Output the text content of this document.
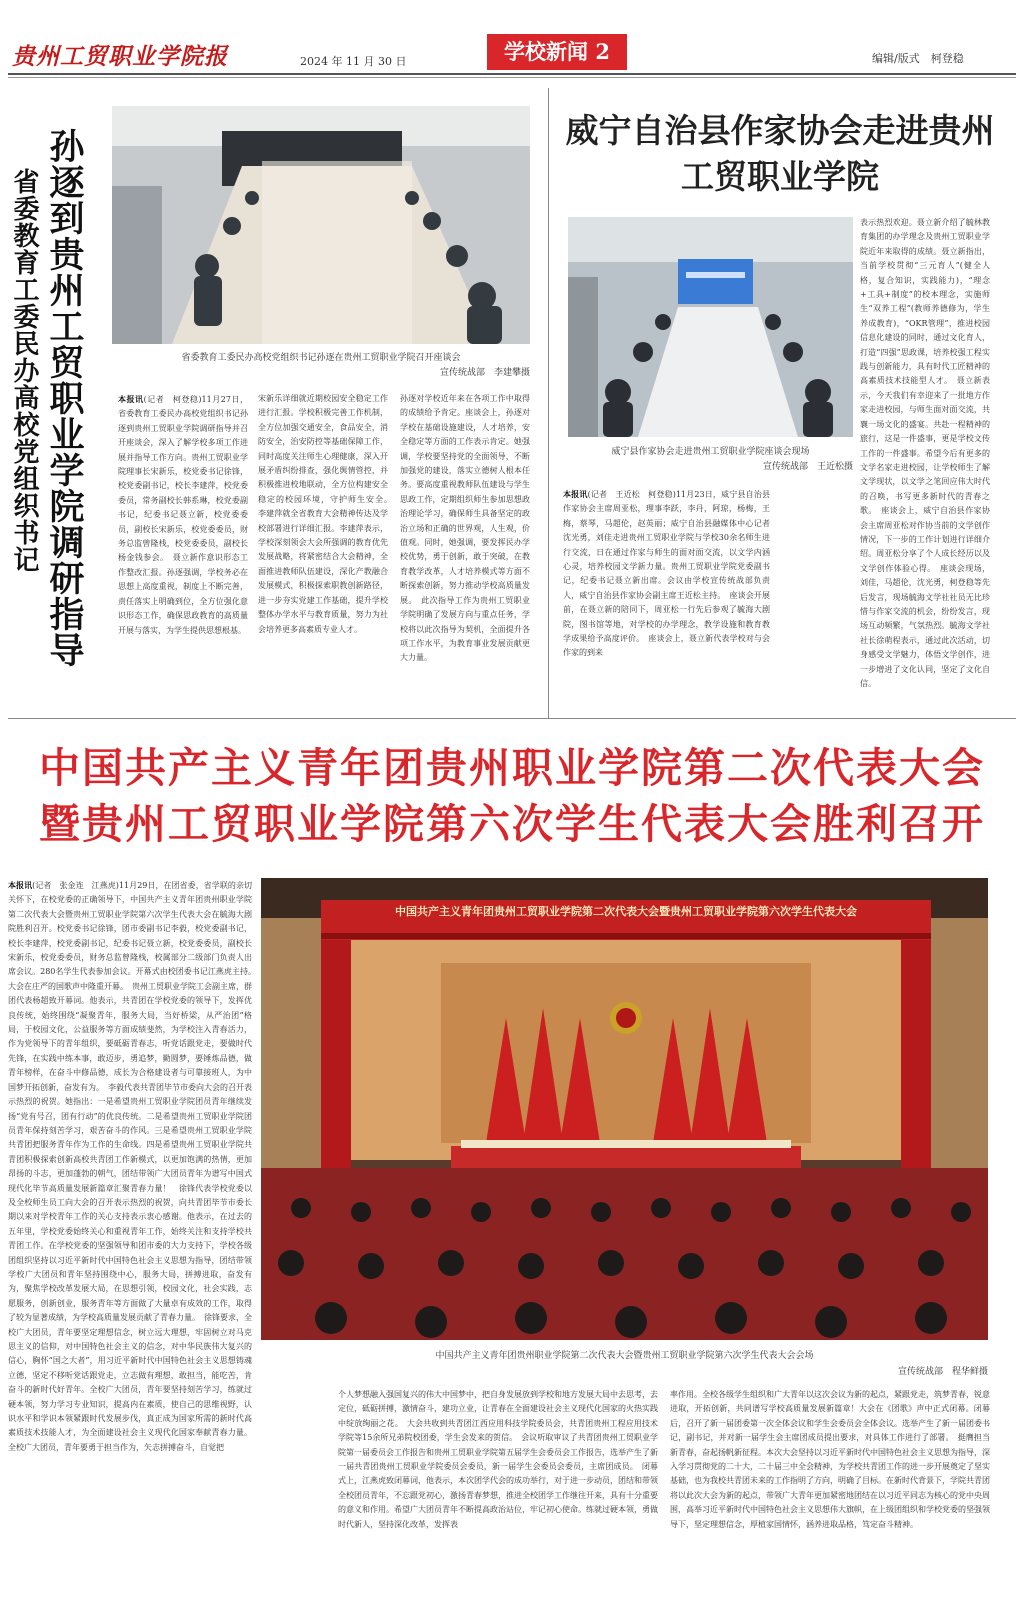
贵州工贸职业学院报	2024 年 11 月 30 日	学校新闻 2	编辑/版式　柯登稳
孙逐到贵州工贸职业学院调研指导
省委教育工委民办高校党组织书记	省委教育工委民办高校党组织书记孙逐在贵州工贸职业学院召开座谈会
宣传统战部　李建攀摄
本报讯(记者　柯登稳)11月27日，省委教育工委民办高校党组织书记孙逐到贵州工贸职业学院调研指导并召开座谈会，深入了解学校多项工作进展并指导工作方向。贵州工贸职业学院理事长宋新乐，校党委书记徐锋，校党委副书记，校长李建萍，校党委委员，常务副校长韩系琳，校党委副书记，纪委书记聂立新，校党委委员，副校长宋新乐，校党委委员，财务总监曾隆栈，校党委委员，副校长杨金钱参会。　聂立新作意识形态工作整改汇报。孙逐强调，学校务必在思想上高度重视，制度上不断完善，责任落实上明确到位，全方位强化意识形态工作，确保思政教育的高质量开展与落实，为学生提供思想根基。
宋新乐详细就近期校园安全稳定工作进行汇报。学校积极完善工作机制，全方位加强交通安全，食品安全，消防安全，治安防控等基础保障工作，同时高度关注师生心理健康，深入开展矛盾纠纷排查，强化舆情管控，并积极推进校地联动，全方位构建安全稳定的校园环境，守护师生安全。　李建萍就全省教育大会精神传达及学校部署进行详细汇报。李建萍表示，学校深刻领会大会所强调的教育优先发展战略，将紧密结合大会精神，全面推进教师队伍建设，深化产教融合发展模式，积极探索职教创新路径，进一步夯实党建工作基础，提升学校整体办学水平与教育质量，努力为社会培养更多高素质专业人才。
孙逐对学校近年来在各项工作中取得的成绩给予肯定。座谈会上，孙逐对学校在基础设施建设，人才培养，安全稳定等方面的工作表示肯定。她强调，学校要坚持党的全面领导，不断加强党的建设，落实立德树人根本任务。要高度重视教师队伍建设与学生思政工作，定期组织师生参加思想政治理论学习，确保师生具备坚定的政治立场和正确的世界观，人生观，价值观。同时，她强调，要发挥民办学校优势，勇于创新，敢于突破，在教育教学改革，人才培养模式等方面不断探索创新，努力推动学校高质量发展。　此次指导工作为贵州工贸职业学院明确了发展方向与重点任务，学校将以此次指导为契机，全面提升各项工作水平，为教育事业发展贡献更大力量。
威宁自治县作家协会走进贵州工贸职业学院
威宁县作家协会走进贵州工贸职业学院座谈会现场
宣传统战部　王近松摄
本报讯(记者　王近松　柯登稳)11月23日，威宁县自治县作家协会主席周亚松，理事李跃，李丹，阿琼，杨梅，王梅，蔡琴，马超伦，赵英丽；威宁自治县融媒体中心记者沈光勇，刘佳走进贵州工贸职业学院与学校30余名师生进行交流，日在通过作家与师生的面对面交流，以文学内涵心灵，培养校园文学新力量。贵州工贸职业学院党委副书记，纪委书记聂立新出席。会议由学校宣传统战部负责人，威宁自治县作家协会副主席王近松主持。　座谈会开展前，在聂立新的陪同下，周亚松一行先后参观了毓海大剧院，图书馆等地，对学校的办学理念，教学设施和教育教学成果给予高度评价。　座谈会上，聂立新代表学校对与会作家的到来
表示热烈欢迎。聂立新介绍了毓林教育集团的办学理念及贵州工贸职业学院近年来取得的成绩。聂立新指出，当前学校贯彻“三元育人”(健全人格，复合知识，实践能力)，“理念+工具+制度”的校本理念，实施师生“双养工程”(教师养德修为，学生养成教育)，“OKR管理”，推进校园信息化建设的同时，通过文化育人，打造“四强”思政课，培养校强工程实践与创新能力，具有时代工匠精神的高素质技术技能型人才。　聂立新表示，今天我们有幸迎来了一批地方作家走进校园，与师生面对面交流，共襄一场文化的盛宴。共赴一程精神的旅行，这是一件盛事，更是学校文传工作的一件盛事。希望今后有更多的文学名家走进校园，让学校师生了解文学现状，以文学之笔回应伟大时代的召唤，书写更多新时代的青春之歌。　座谈会上，威宁自治县作家协会主席周亚松对作协当前的文学创作情况，下一步的工作计划进行详细介绍。周亚松分享了个人成长经历以及文学创作体验心得。　座谈会现场，刘佳，马超伦，沈光勇，柯登稳等先后发言，现场毓海文学社社员无比珍惜与作家交流的机会，纷纷发言，现场互动频繁，气氛热烈。毓海文学社社长徐萌程表示，通过此次活动，切身感受文学魅力，体悟文学创作，进一步增进了文化认同，坚定了文化自信。
中国共产主义青年团贵州职业学院第二次代表大会
暨贵州工贸职业学院第六次学生代表大会胜利召开
本报讯(记者　张金连　江燕虎)11月29日，在团省委，省学联的亲切关怀下，在校党委的正确领导下，中国共产主义青年团贵州职业学院第二次代表大会暨贵州工贸职业学院第六次学生代表大会在毓海大剧院胜利召开。校党委书记徐锋，团市委副书记李毅，校党委副书记，校长李建萍，校党委副书记，纪委书记聂立新，校党委委员，副校长宋新乐，校党委委员，财务总监曾隆栈，校属部分二级部门负责人出席会议。280名学生代表参加会议。开幕式由校团委书记江燕虎主持。　大会在庄严的国歌声中隆重开幕。　贵州工贸职业学院工会副主席，群团代表杨超致开幕词。他表示，共青团在学校党委的领导下，发挥优良传统，始终围绕“凝聚青年，服务大局，当好桥梁，从严治团”格局，于校园文化，公益服务等方面成绩斐然，为学校注入青春活力，作为党领导下的青年组织，要砥砺青春志，听党话跟党走，要做时代先锋，在实践中练本事，敢迈步，勇追梦，勤圆梦，要锤炼品德，做青年榜样，在奋斗中修品德，成长为合格建设者与可靠接班人，为中国梦开拓创新，奋发有为。　李毅代表共青团毕节市委向大会的召开表示热烈的祝贺。她指出：一是希望贵州工贸职业学院团员青年继续发扬“党有号召，团有行动”的优良传统。二是希望贵州工贸职业学院团员青年保持刻苦学习，艰苦奋斗的作风。三是希望贵州工贸职业学院共青团把服务青年作为工作的生命线。四是希望贵州工贸职业学院共青团积极探索创新高校共青团工作新模式，以更加饱满的热情，更加昂扬的斗志，更加蓬勃的朝气，团结带领广大团员青年为谱写中国式现代化毕节高质量发展新篇章汇聚青春力量！　徐锋代表学校党委以及全校师生员工向大会的召开表示热烈的祝贺，向共青团毕节市委长期以来对学校青年工作的关心支持表示衷心感谢。他表示，在过去的五年里，学校党委始终关心和重视青年工作，始终关注和支持学校共青团工作。在学校党委的坚强领导和团市委的大力支持下，学校各级团组织坚持以习近平新时代中国特色社会主义思想为指导，团结带领学校广大团员和青年坚持围绕中心，服务大局，拼搏进取，奋发有为，聚焦学校改革发展大局，在思想引领，校园文化，社会实践，志愿服务，创新创业，服务青年等方面做了大量卓有成效的工作，取得了较为显著成绩，为学校高质量发展贡献了青春力量。　徐锋要求，全校广大团员，青年要坚定理想信念，树立远大理想，牢固树立对马克思主义的信仰，对中国特色社会主义的信念，对中华民族伟大复兴的信心，胸怀“国之大者”，用习近平新时代中国特色社会主义思想铸魂立德，坚定不移听党话跟党走，立志做有理想，敢担当，能吃苦，肯奋斗的新时代好青年。全校广大团员，青年要坚持刻苦学习，练就过硬本领，努力学习专业知识，提高内在素质，使自己的思维视野，认识水平和学识本领紧跟时代发展步伐，真正成为国家所需的新时代高素质技术技能人才，为全面建设社会主义现代化国家奉献青春力量。全校广大团员，青年要勇于担当作为，矢志拼搏奋斗，自觉把
中国共产主义青年团贵州工贸职业学院第二次代表大会暨贵州工贸职业学院第六次学生代表大会
中国共产主义青年团贵州职业学院第二次代表大会暨贵州工贸职业学院第六次学生代表大会会场
宣传统战部　程华鲜摄
个人梦想融入强国复兴的伟大中国梦中，把自身发展放到学校和地方发展大局中去思考，去定位，砥砺拼搏，激情奋斗，建功立业，让青春在全面建设社会主义现代化国家的火热实践中绽放绚丽之花。　大会共收到共青团江西应用科技学院委员会，共青团贵州工程应用技术学院等15余所兄弟院校团委，学生会发来的贺信。　会议听取审议了共青团贵州工贸职业学院第一届委员会工作报告和贵州工贸职业学院第五届学生会委员会工作报告，选举产生了新一届共青团贵州工贸职业学院委员会委员，新一届学生会委员会委员，主席团成员。　闭幕式上，江燕虎致闭幕词，他表示，本次团学代会的成功举行，对于进一步动员，团结和带领全校团员青年，不忘跟党初心，激扬青春梦想，推进全校团学工作继往开来，具有十分重要的意义和作用。希望广大团员青年不断提高政治站位，牢记初心使命。练就过硬本领，勇做时代新人，坚持深化改革，发挥表
率作用。全校各级学生组织和广大青年以这次会议为新的起点，紧跟党走，筑梦青春，锐意进取，开拓创新，共同谱写学校高质量发展新篇章！大会在《团歌》声中正式闭幕。闭幕后，召开了新一届团委第一次全体会议和学生会委员会全体会议。选举产生了新一届团委书记，副书记，并对新一届学生会主席团成员提出要求，对具体工作进行了部署。　挺膺担当新青春，奋起扬帆新征程。本次大会坚持以习近平新时代中国特色社会主义思想为指导，深入学习贯彻党的二十大，二十届三中全会精神，为学校共青团工作的进一步开展奠定了坚实基础，也为我校共青团未来的工作指明了方向，明确了目标。在新时代背景下，学院共青团将以此次大会为新的起点，带领广大青年更加紧密地团结在以习近平同志为核心的党中央周围，高举习近平新时代中国特色社会主义思想伟大旗帜，在上级团组织和学校党委的坚强领导下，坚定理想信念，厚植家国情怀，涵养进取品格，笃定奋斗精神。
